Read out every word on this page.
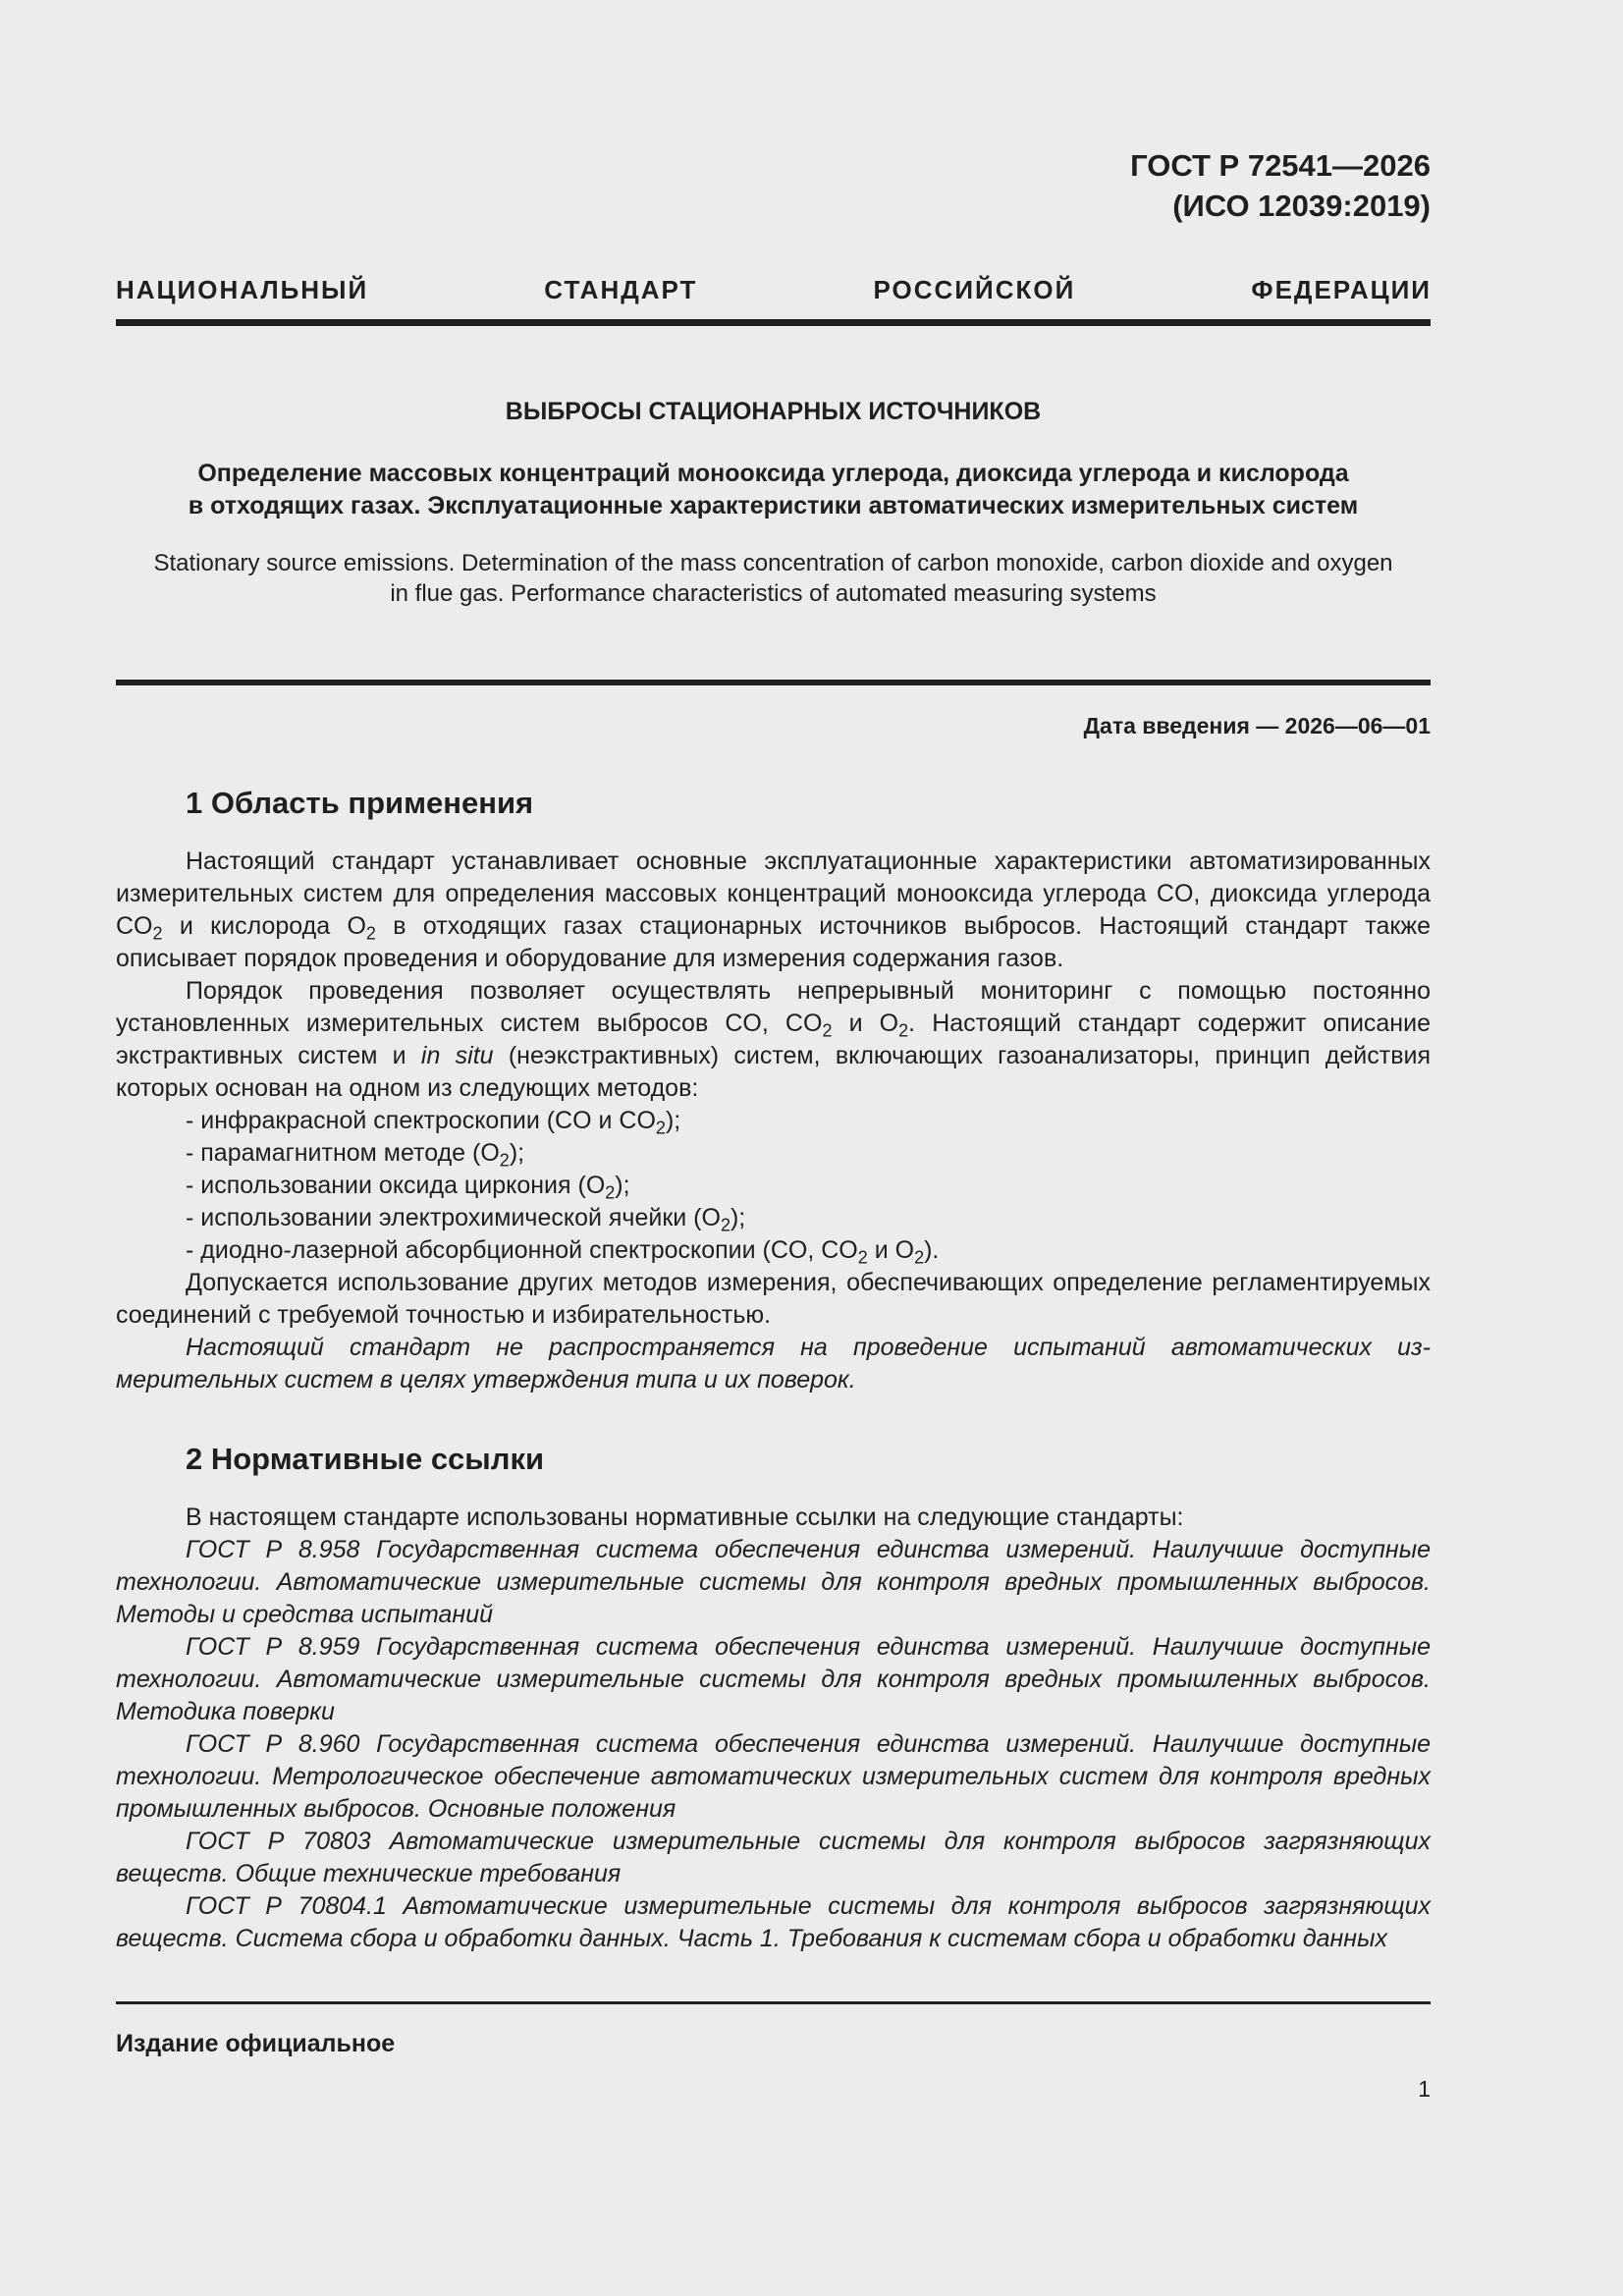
ГОСТ Р 72541—2026
(ИСО 12039:2019)
НАЦИОНАЛЬНЫЙ СТАНДАРТ РОССИЙСКОЙ ФЕДЕРАЦИИ

ВЫБРОСЫ СТАЦИОНАРНЫХ ИСТОЧНИКОВ

Определение массовых концентраций монооксида углерода, диоксида углерода и кислорода
в отходящих газах. Эксплуатационные характеристики автоматических измерительных систем

Stationary source emissions. Determination of the mass concentration of carbon monoxide, carbon dioxide and oxygen
in flue gas. Performance characteristics of automated measuring systems

Дата введения — 2026—06—01
1 Область применения

Настоящий стандарт устанавливает основные эксплуатационные характеристики автоматизированных измерительных систем для определения массовых концентраций монооксида углерода CO, диоксида углерода $CO_2$ и кислорода $O_2$ в отходящих газах стационарных источников выбросов. Настоящий стандарт также описывает порядок проведения и оборудование для измерения содержания газов.

Порядок проведения позволяет осуществлять непрерывный мониторинг с помощью постоянно установленных измерительных систем выбросов CO, $CO_2$ и $O_2$. Настоящий стандарт содержит описание экстрактивных систем и in situ (неэкстрактивных) систем, включающих газоанализаторы, принцип действия которых основан на одном из следующих методов:

- инфракрасной спектроскопии (CO и $CO_2$);

- парамагнитном методе $(O_2)$;

- использовании оксида циркония $(O_2)$;

- использовании электрохимической ячейки $(O_2)$;

- диодно-лазерной абсорбционной спектроскопии (CO, $CO_2$ и $O_2$).

Допускается использование других методов измерения, обеспечивающих определение регламентируемых соединений с требуемой точностью и избирательностью.

Настоящий стандарт не распространяется на проведение испытаний автоматических измерительных систем в целях утверждения типа и их поверок.

2 Нормативные ссылки

В настоящем стандарте использованы нормативные ссылки на следующие стандарты:

ГОСТ Р 8.958 Государственная система обеспечения единства измерений. Наилучшие доступные технологии. Автоматические измерительные системы для контроля вредных промышленных выбросов. Методы и средства испытаний

ГОСТ Р 8.959 Государственная система обеспечения единства измерений. Наилучшие доступные технологии. Автоматические измерительные системы для контроля вредных промышленных выбросов. Методика поверки

ГОСТ Р 8.960 Государственная система обеспечения единства измерений. Наилучшие доступные технологии. Метрологическое обеспечение автоматических измерительных систем для контроля вредных промышленных выбросов. Основные положения

ГОСТ Р 70803 Автоматические измерительные системы для контроля выбросов загрязняющих веществ. Общие технические требования

ГОСТ Р 70804.1 Автоматические измерительные системы для контроля выбросов загрязняющих веществ. Система сбора и обработки данных. Часть 1. Требования к системам сбора и обработки данных

Издание официальное
1
